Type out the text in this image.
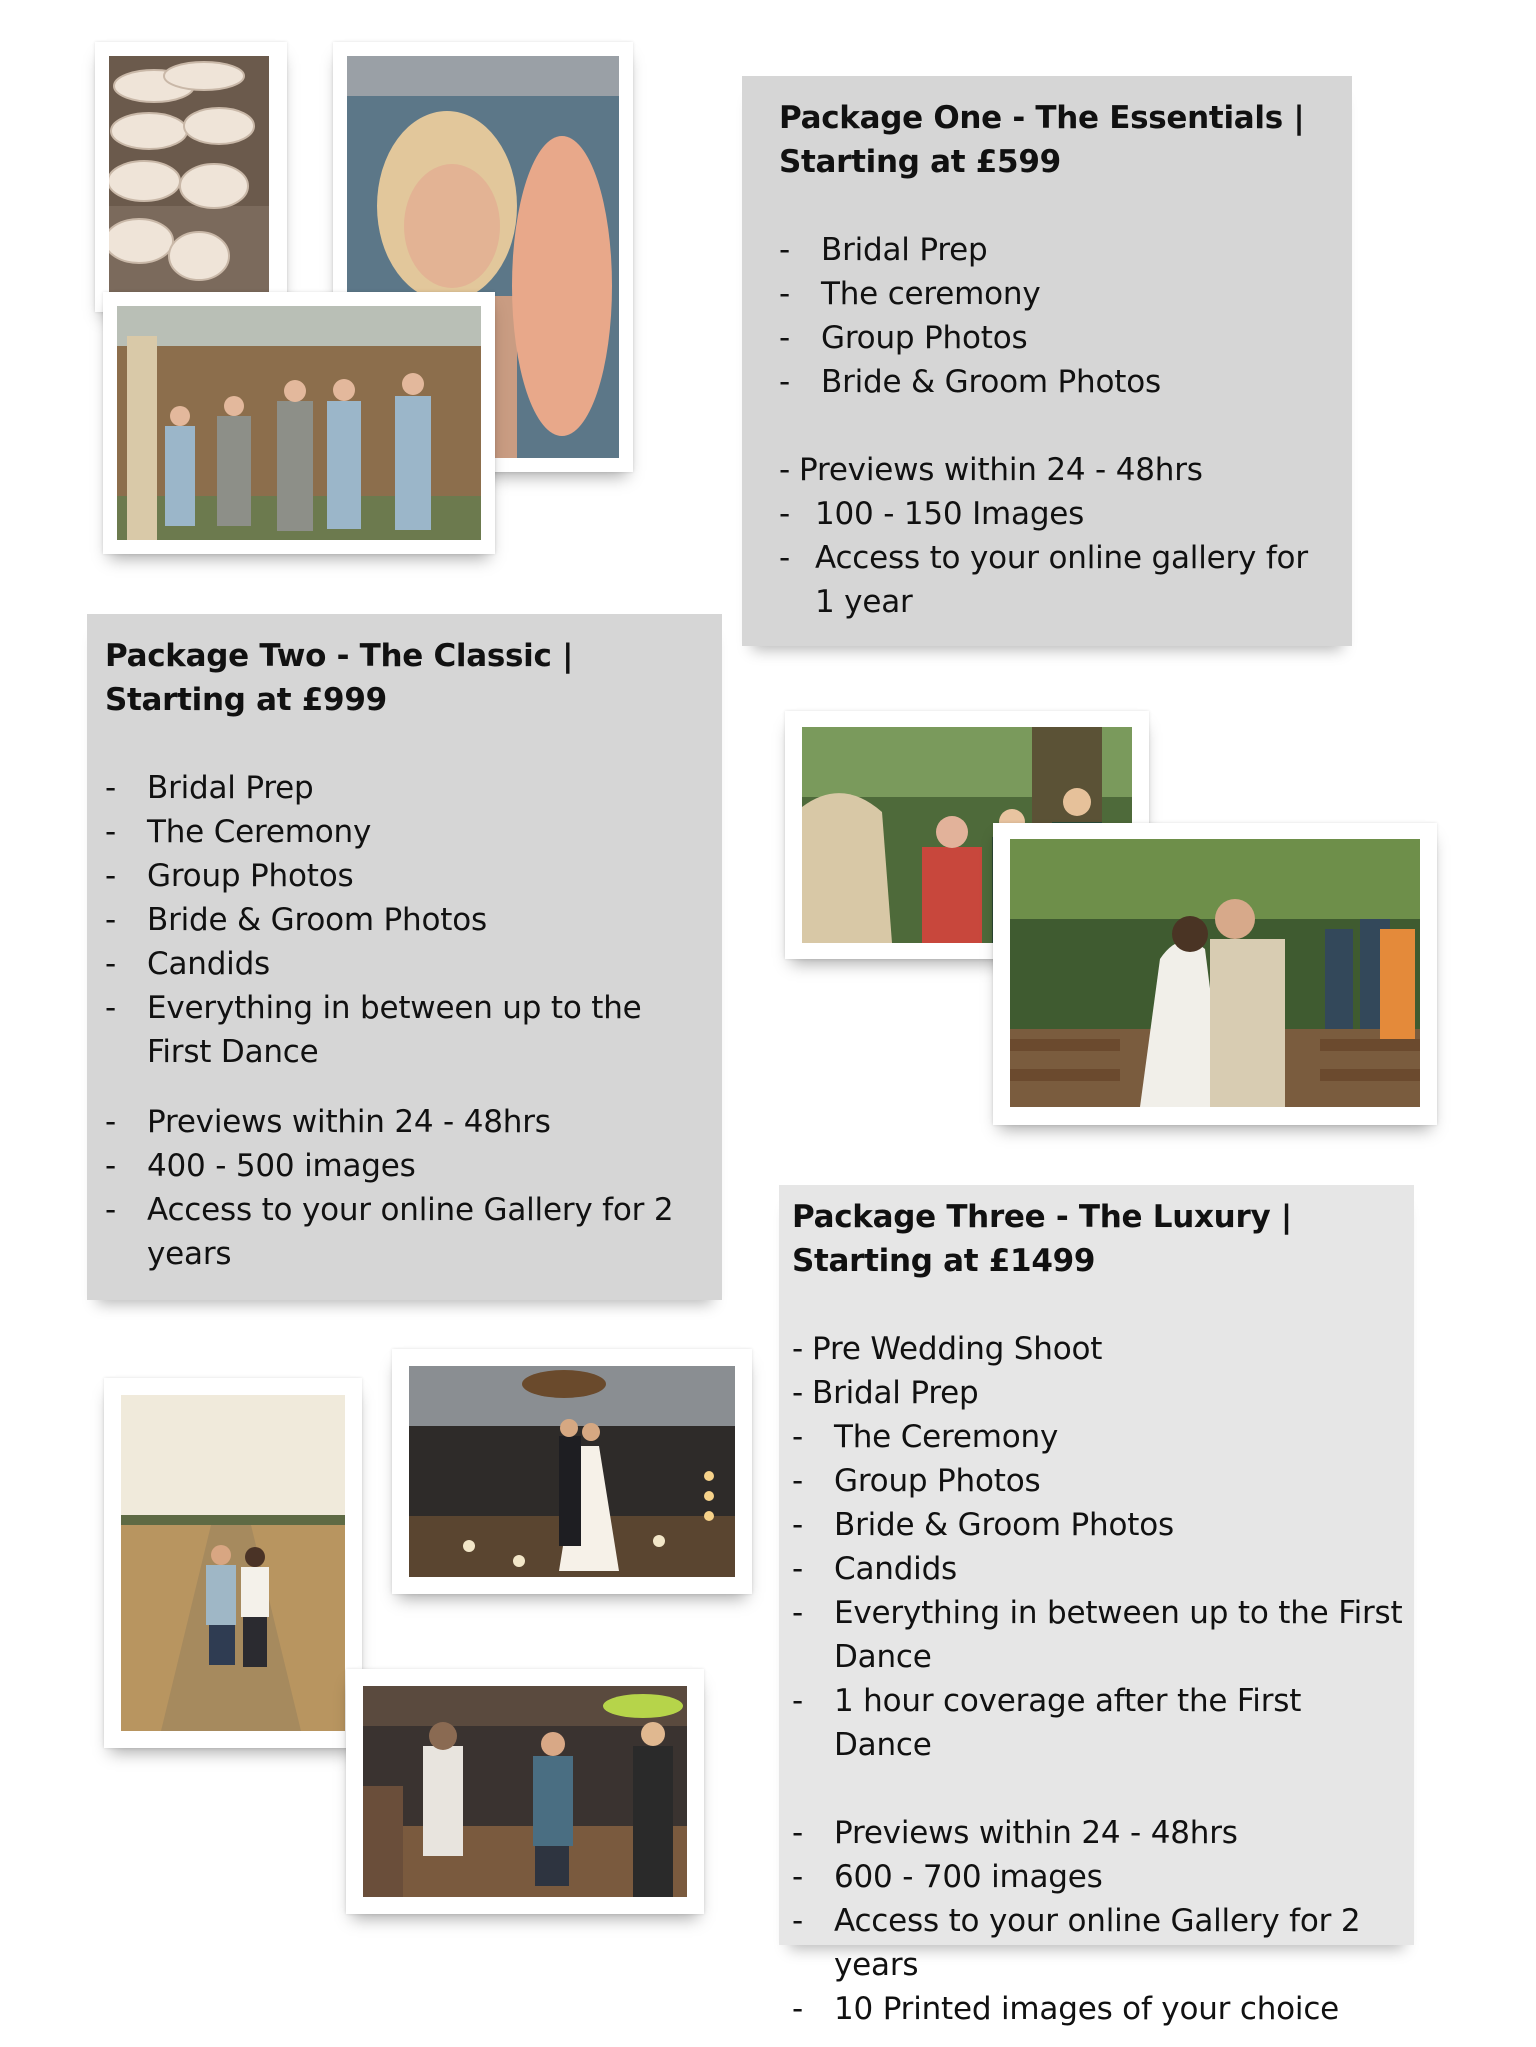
Package One - The Essentials |
Starting at £599
- Bridal Prep
- The ceremony
- Group Photos
- Bride & Groom Photos
- Previews within 24 - 48hrs
- 100 - 150 Images
- Access to your online gallery for 1 year
Package Two - The Classic | Starting at £999
- Bridal Prep
- The Ceremony
- Group Photos
- Bride & Groom Photos
- Candids
- Everything in between up to the First Dance
- Previews within 24 - 48hrs
- 400 - 500 images
- Access to your online Gallery for 2 years
Package Three - The Luxury | Starting at £1499
- Pre Wedding Shoot
- Bridal Prep
- The Ceremony
- Group Photos
- Bride & Groom Photos
- Candids
- Everything in between up to the First Dance
- 1 hour coverage after the First Dance
- Previews within 24 - 48hrs
- 600 - 700 images
- Access to your online Gallery for 2 years
- 10 Printed images of your choice
